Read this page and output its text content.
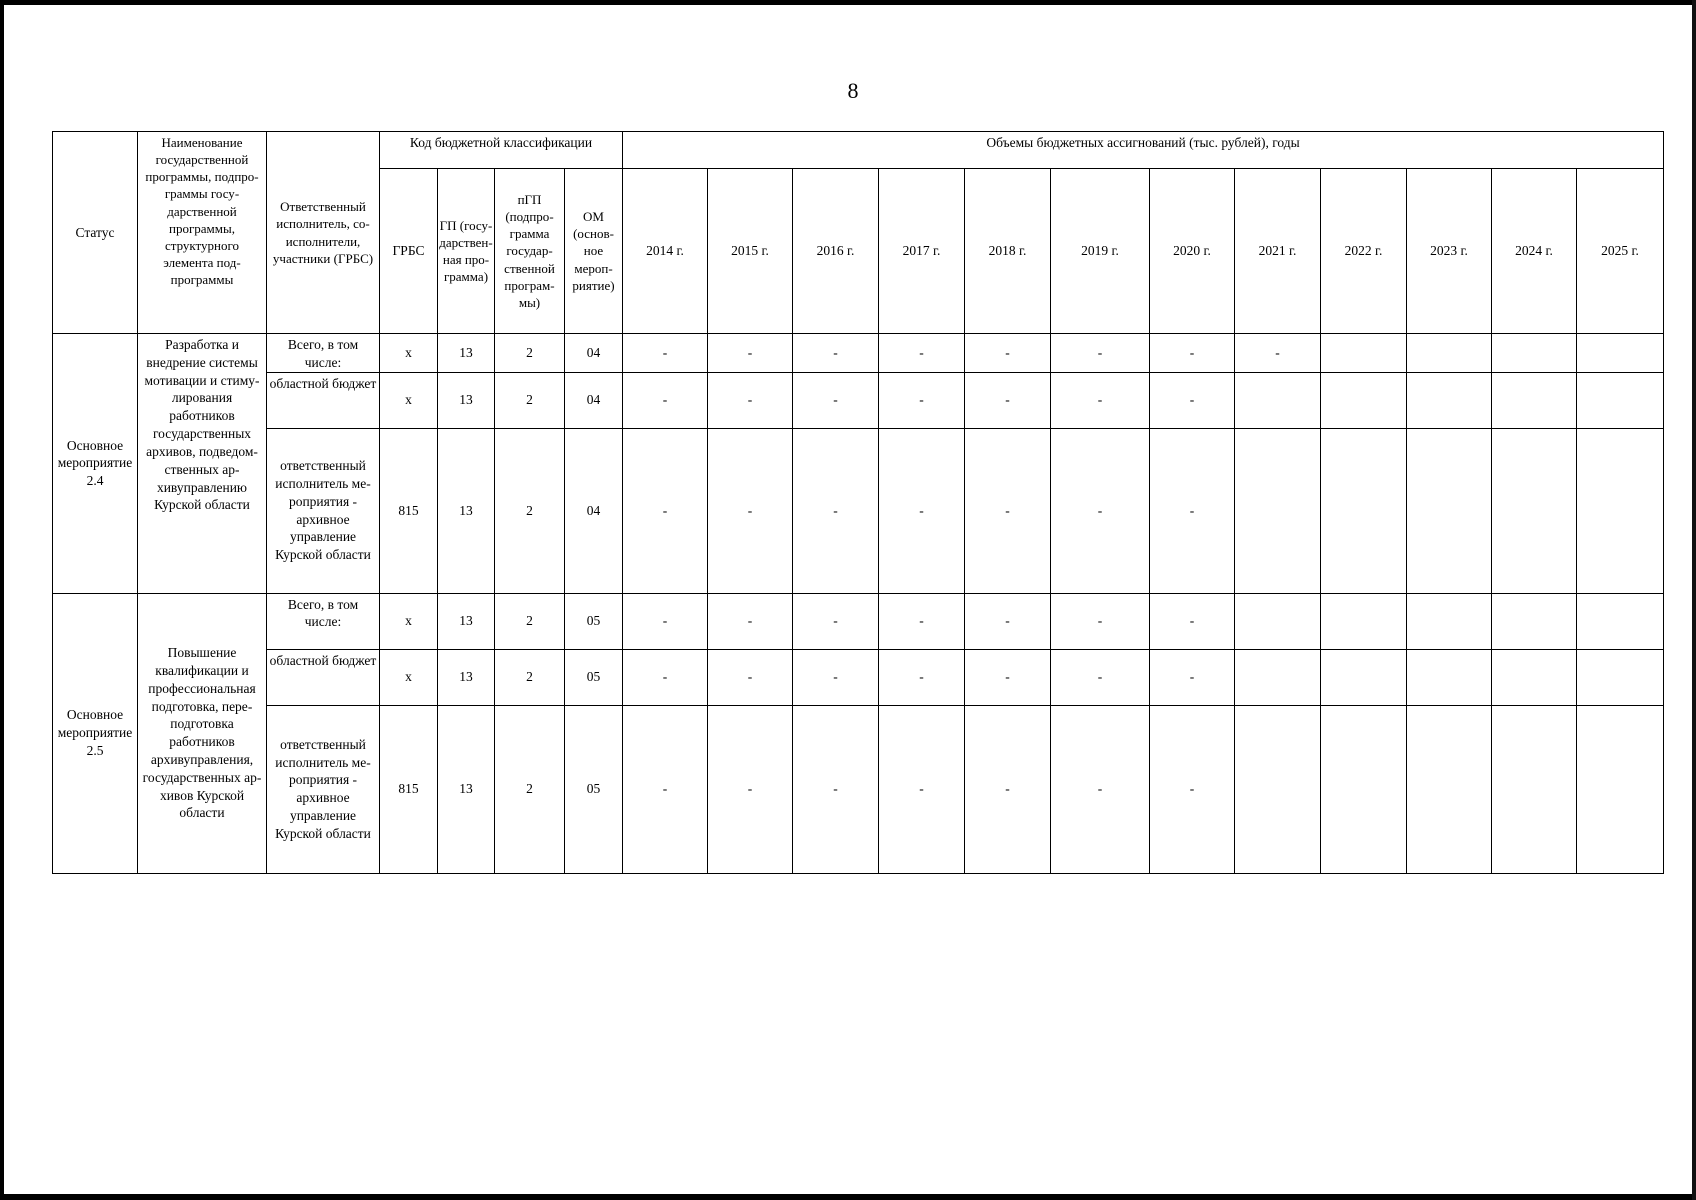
8
Статус	Наименование государственной программы, подпрограммы государственной программы, структурного элемента подпрограммы	Ответственный исполнитель, соисполнители, участники (ГРБС)	Код бюджетной классификации				Объемы бюджетных ассигнований (тыс. рублей), годы											
			ГРБС	ГП (государственная программа)	пГП (подпрограмма государственной программы)	ОМ (основное мероприятие)	2014 г.	2015 г.	2016 г.	2017 г.	2018 г.	2019 г.	2020 г.	2021 г.	2022 г.	2023 г.	2024 г.	2025 г.
Основное мероприятие 2.4	Разработка и внедрение системы мотивации и стимулирования работников государственных архивов, подведомственных архивуправлению Курской области	Всего, в том числе:	х	13	2	04	-	-	-	-	-	-	-	-				
		областной бюджет	х	13	2	04	-	-	-	-	-	-	-					
		ответственный исполнитель мероприятия - архивное управление Курской области	815	13	2	04	-	-	-	-	-	-	-					
Основное мероприятие 2.5	Повышение квалификации и профессиональная подготовка, переподготовка работников архивуправления, государственных архивов Курской области	Всего, в том числе:	х	13	2	05	-	-	-	-	-	-	-					
		областной бюджет	х	13	2	05	-	-	-	-	-	-	-					
		ответственный исполнитель мероприятия - архивное управление Курской области	815	13	2	05	-	-	-	-	-	-	-					
